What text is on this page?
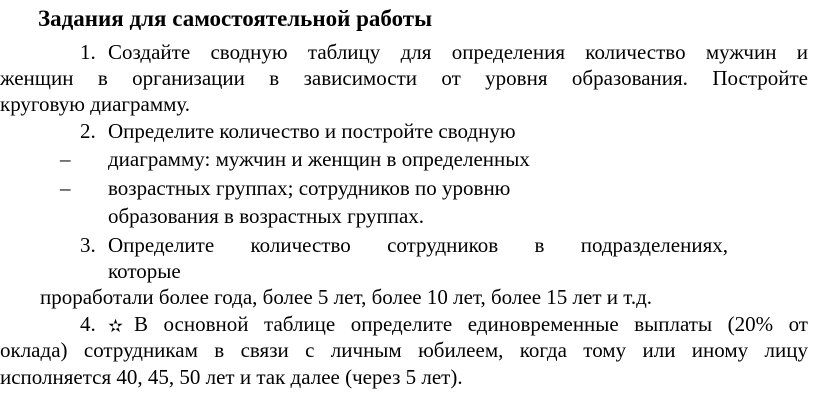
Задания для самостоятельной работы
1. Создайте сводную таблицу для определения количество мужчин и
женщин в организации в зависимости от уровня образования. Постройте
круговую диаграмму.
2. Определите количество и постройте сводную
– диаграмму: мужчин и женщин в определенных
– возрастных группах; сотрудников по уровню
образования в возрастных группах.
3. Определите количество сотрудников в подразделениях,
которые
проработали более года, более 5 лет, более 10 лет, более 15 лет и т.д.
4. ✫ В основной таблице определите единовременные выплаты (20% от
оклада) сотрудникам в связи с личным юбилеем, когда тому или иному лицу
исполняется 40, 45, 50 лет и так далее (через 5 лет).
